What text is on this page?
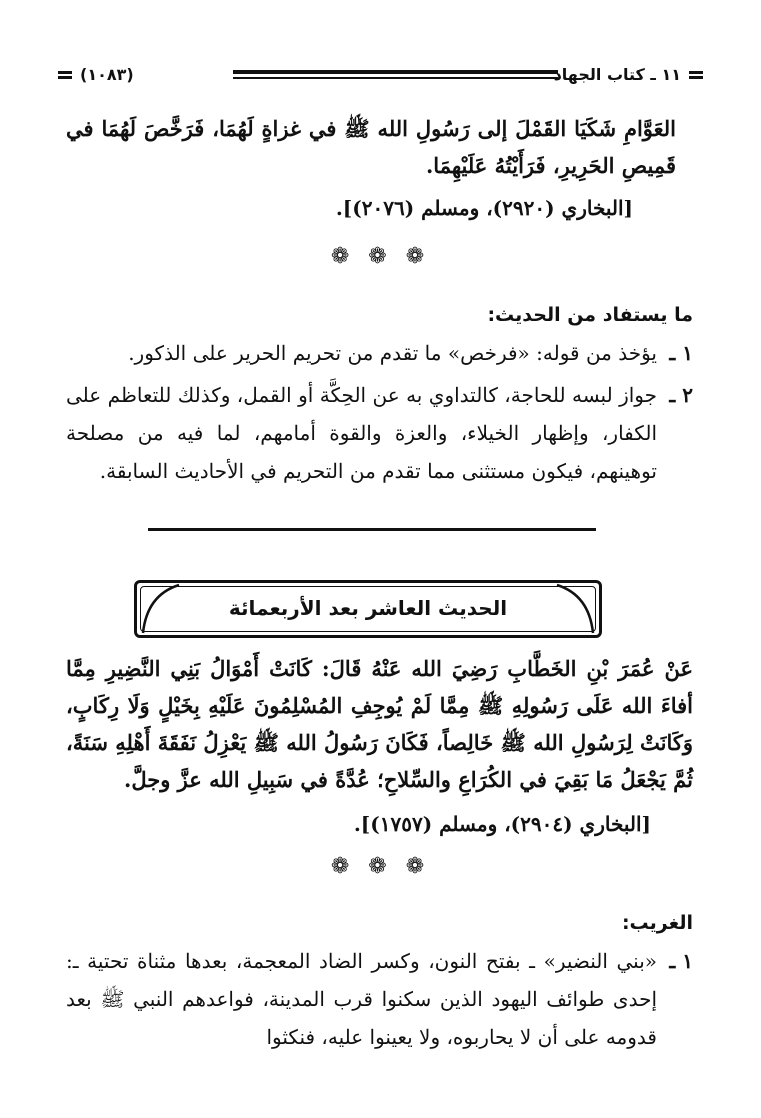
١١ ـ كتاب الجهاد
(١٠٨٣)
العَوَّامِ شَكَيَا القَمْلَ إلى رَسُولِ الله ﷺ في غزاةٍ لَهُمَا، فَرَخَّصَ لَهُمَا في قَمِيصِ الحَرِيرِ، فَرَأَيْتُهُ عَلَيْهِمَا.
[البخاري (٢٩٢٠)، ومسلم (٢٠٧٦)].
❁ ❁ ❁
ما يستفاد من الحديث:
١ ـ
يؤخذ من قوله: «فرخص» ما تقدم من تحريم الحرير على الذكور.
٢ ـ
جواز لبسه للحاجة، كالتداوي به عن الحِكَّة أو القمل، وكذلك للتعاظم على الكفار، وإظهار الخيلاء، والعزة والقوة أمامهم، لما فيه من مصلحة توهينهم، فيكون مستثنى مما تقدم من التحريم في الأحاديث السابقة.
الحديث العاشر بعد الأربعمائة
عَنْ عُمَرَ بْنِ الخَطَّابِ رَضِيَ الله عَنْهُ قَالَ: كَانَتْ أَمْوَالُ بَنِي النَّضِيرِ مِمَّا أفاءَ الله عَلَى رَسُولِهِ ﷺ مِمَّا لَمْ يُوجِفِ المُسْلِمُونَ عَلَيْهِ بِخَيْلٍ وَلَا رِكَابٍ، وَكَانَتْ لِرَسُولِ الله ﷺ خَالِصاً، فَكَانَ رَسُولُ الله ﷺ يَعْزِلُ نَفَقَةَ أَهْلِهِ سَنَةً، ثُمَّ يَجْعَلُ مَا بَقِيَ في الكُرَاعِ والسِّلاحِ؛ عُدَّةً في سَبِيلِ الله عزَّ وجلَّ.
[البخاري (٢٩٠٤)، ومسلم (١٧٥٧)].
❁ ❁ ❁
الغريب:
١ ـ
«بني النضير» ـ بفتح النون، وكسر الضاد المعجمة، بعدها مثناة تحتية ـ: إحدى طوائف اليهود الذين سكنوا قرب المدينة، فواعدهم النبي ﷺ بعد قدومه على أن لا يحاربوه، ولا يعينوا عليه، فنكثوا
